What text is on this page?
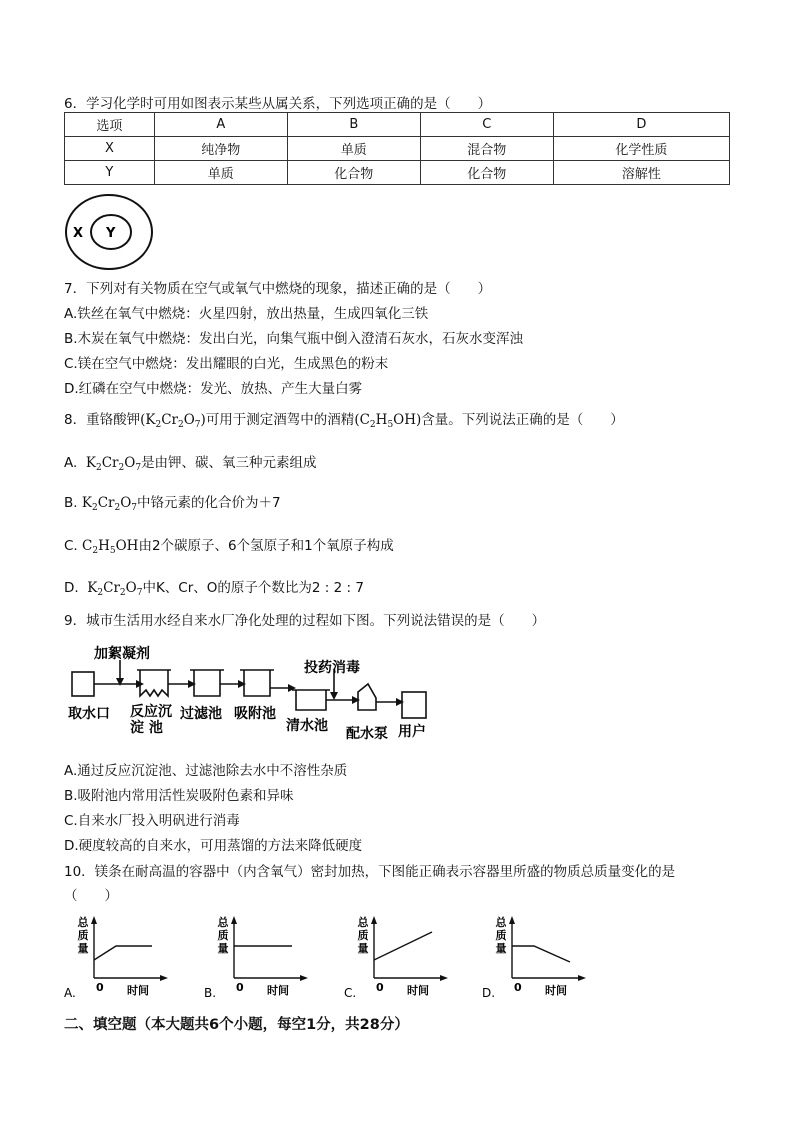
6．学习化学时可用如图表示某些从属关系，下列选项正确的是（　　）
选项	A	B	C	D
X	纯净物	单质	混合物	化学性质
Y	单质	化合物	化合物	溶解性
X Y
7．下列对有关物质在空气或氧气中燃烧的现象，描述正确的是（　　）
A.铁丝在氧气中燃烧：火星四射，放出热量，生成四氧化三铁
B.木炭在氧气中燃烧：发出白光，向集气瓶中倒入澄清石灰水，石灰水变浑浊
C.镁在空气中燃烧：发出耀眼的白光，生成黑色的粉末
D.红磷在空气中燃烧：发光、放热、产生大量白雾
8．重铬酸钾$(K_2Cr_2O_7)$可用于测定酒驾中的酒精$(C_2H_5OH)$含量。下列说法正确的是（　　）
A. $K_2Cr_2O_7$是由钾、碳、氧三种元素组成
B. $K_2Cr_2O_7$中铬元素的化合价为＋7
C. $C_2H_5OH$由2个碳原子、6个氢原子和1个氧原子构成
D. $K_2Cr_2O_7$中K、Cr、O的原子个数比为2 : 2 : 7
9．城市生活用水经自来水厂净化处理的过程如下图。下列说法错误的是（　　）
加絮凝剂
投药消毒
取水口 反应沉
淀 池
过滤池 吸附池
清水池 配水泵 用户
A.通过反应沉淀池、过滤池除去水中不溶性杂质
B.吸附池内常用活性炭吸附色素和异味
C.自来水厂投入明矾进行消毒
D.硬度较高的自来水，可用蒸馏的方法来降低硬度
10．镁条在耐高温的容器中（内含氧气）密封加热，下图能正确表示容器里所盛的物质总质量变化的是
（　　）
总
质
量
0 时间
A.
总
质
量
0 时间
B.
总
质
量
0 时间
C.
总
质
量
0 时间
D.
二、填空题（本大题共6个小题，每空1分，共28分）
